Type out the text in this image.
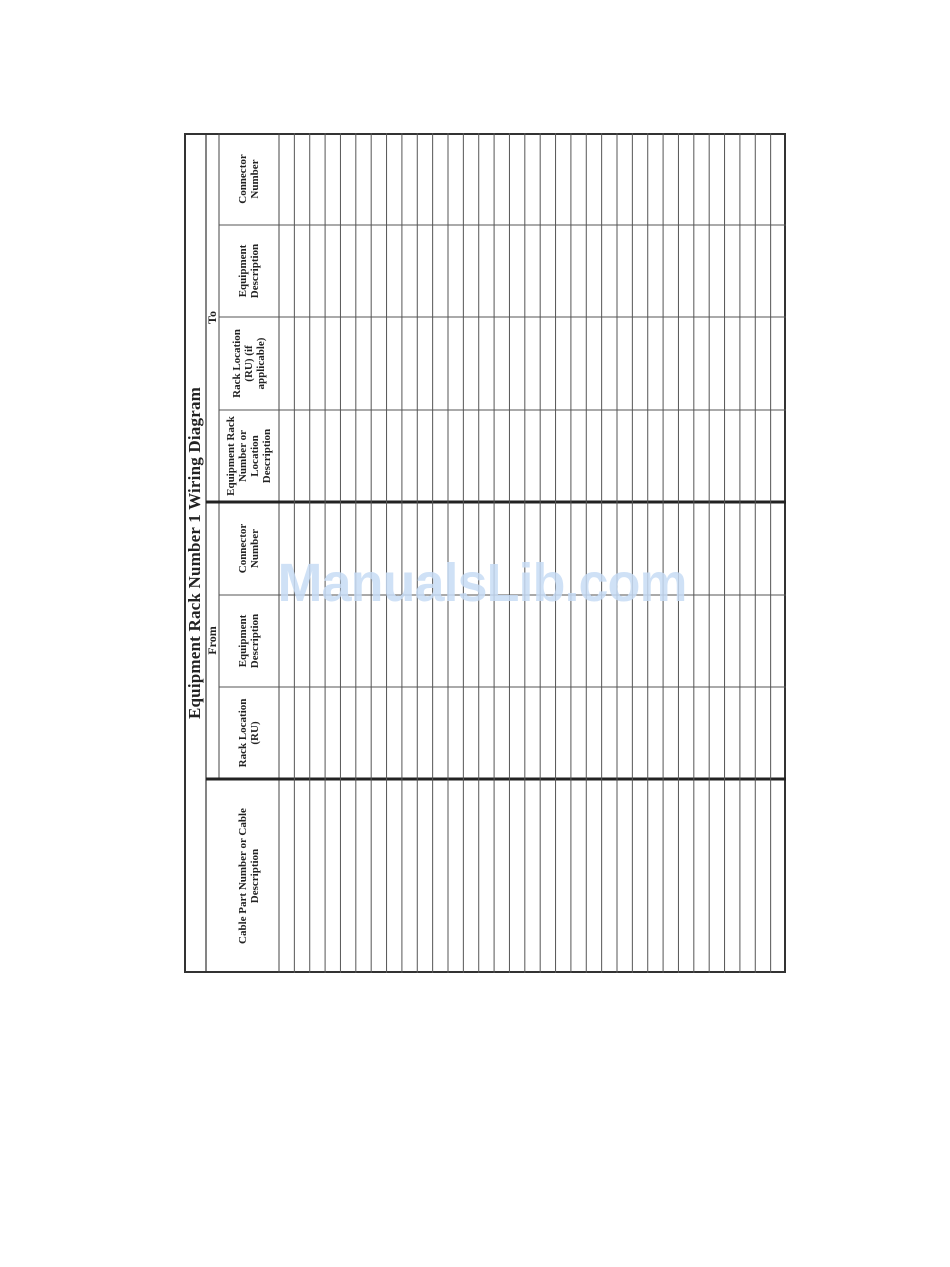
Equipment Rack Number 1 Wiring Diagram From
To
Cable Part Number or Cable Description
Rack Location (RU)
Equipment Description
Connector Number
Equipment Rack Number or Location Description
Rack Location (RU) (if applicable)
Equipment Description
Connector Number
ManualsLib.com
